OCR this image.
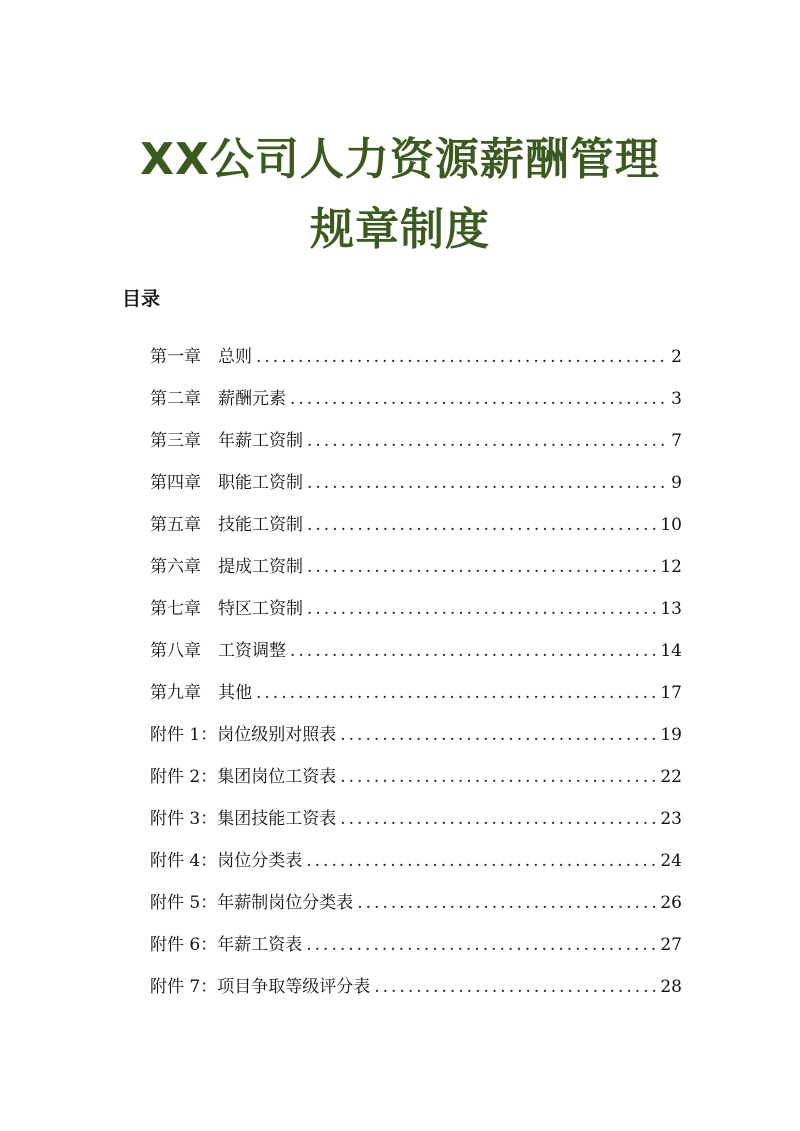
XX公司人力资源薪酬管理
规章制度
目录
第一章　总则 .....	2
第二章　薪酬元素 .....	3
第三章　年薪工资制 .....	7
第四章　职能工资制 .....	9
第五章　技能工资制 .....	10
第六章　提成工资制 .....	12
第七章　特区工资制 .....	13
第八章　工资调整 .....	14
第九章　其他 .....	17
附件 1：岗位级别对照表 .....	19
附件 2：集团岗位工资表 .....	22
附件 3：集团技能工资表 .....	23
附件 4：岗位分类表 .....	24
附件 5：年薪制岗位分类表 .....	26
附件 6：年薪工资表 .....	27
附件 7：项目争取等级评分表 .....	28
